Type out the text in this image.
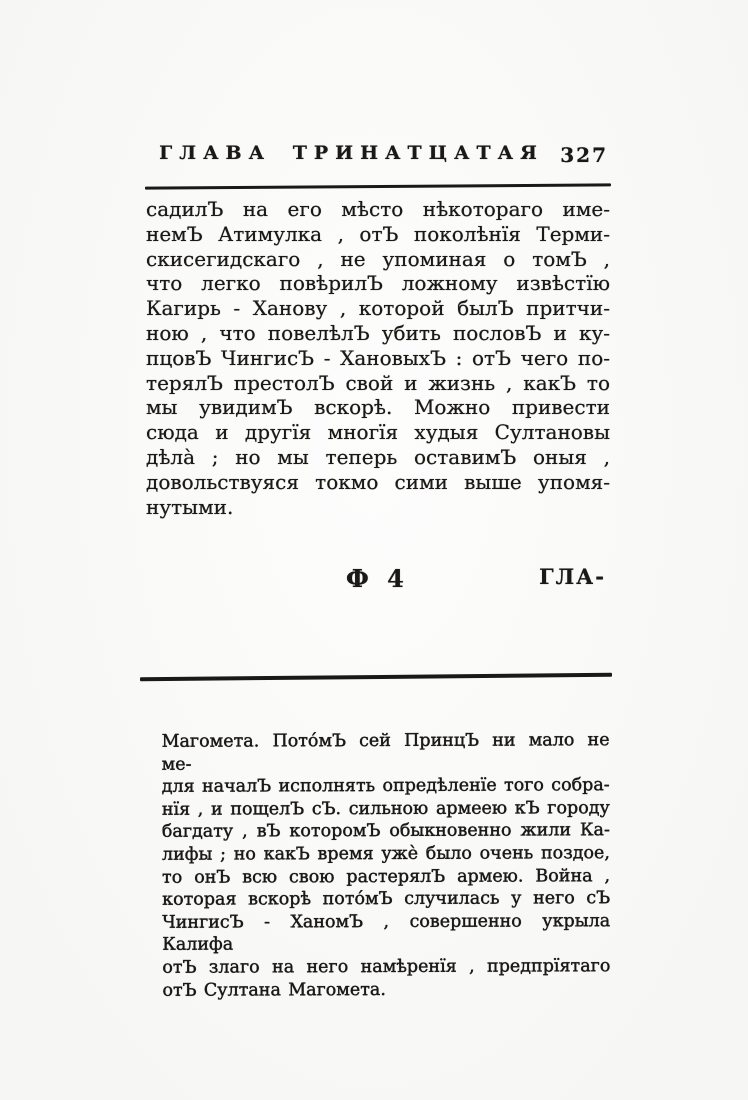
ГЛАВА ТРИНАТЦАТАЯ 327
садилЪ на его мѣсто нѣкотораго име-
немЪ Атимулка , отЪ поколѣнїя Терми-
скисегидскаго , не упоминая о томЪ ,
что легко повѣрилЪ ложному извѣстїю
Кагирь - Ханову , которой былЪ притчи-
ною , что повелѣлЪ убить пословЪ и ку-
пцовЪ ЧингисЪ - ХановыхЪ : отЪ чего по-
терялЪ престолЪ свой и жизнь , какЪ то
мы увидимЪ вскорѣ. Можно привести
сюда и другїя многїя худыя Султановы
дѣла̀ ; но мы теперь оставимЪ оныя ,
довольствуяся токмо сими выше упомя-
нутыми.
Ф 4	ГЛА-
Магомета. Пото́мЪ сей ПринцЪ ни мало не ме-
для началЪ исполнять опредѣленїе того собра-
нїя , и пощелЪ сЪ. сильною армеею кЪ городу
багдату , вЪ которомЪ обыкновенно жили Ка-
лифы ; но какЪ время ужѐ было очень поздое,
то онЪ всю свою растерялЪ армею. Война ,
которая вскорѣ пото́мЪ случилась у него сЪ
ЧингисЪ - ХаномЪ , совершенно укрыла Калифа
отЪ злаго на него намѣренїя , предпрїятаго
отЪ Султана Магомета.
